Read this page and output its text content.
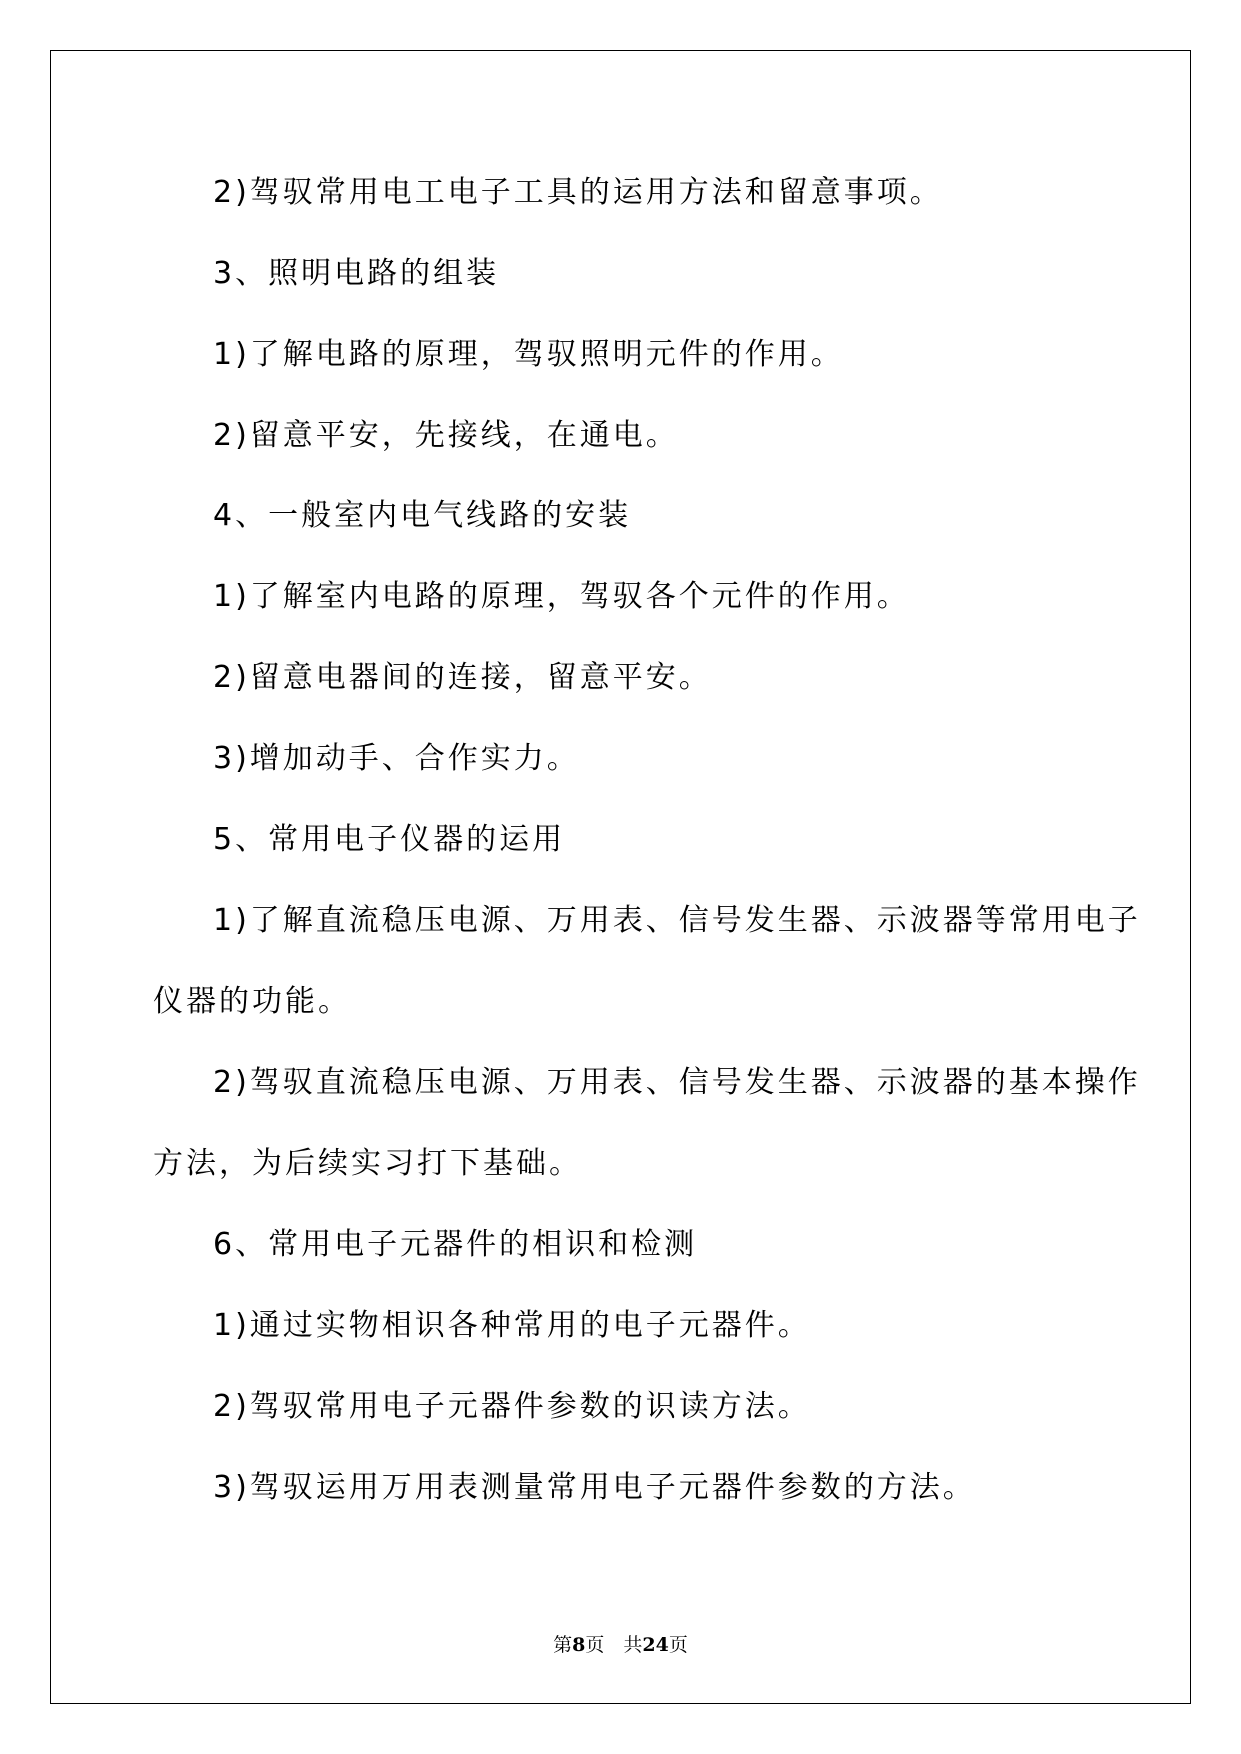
2)驾驭常用电工电子工具的运用方法和留意事项。
3、照明电路的组装
1)了解电路的原理，驾驭照明元件的作用。
2)留意平安，先接线，在通电。
4、一般室内电气线路的安装
1)了解室内电路的原理，驾驭各个元件的作用。
2)留意电器间的连接，留意平安。
3)增加动手、合作实力。
5、常用电子仪器的运用
1)了解直流稳压电源、万用表、信号发生器、示波器等常用电子
仪器的功能。
2)驾驭直流稳压电源、万用表、信号发生器、示波器的基本操作
方法，为后续实习打下基础。
6、常用电子元器件的相识和检测
1)通过实物相识各种常用的电子元器件。
2)驾驭常用电子元器件参数的识读方法。
3)驾驭运用万用表测量常用电子元器件参数的方法。
第8页　共24页
